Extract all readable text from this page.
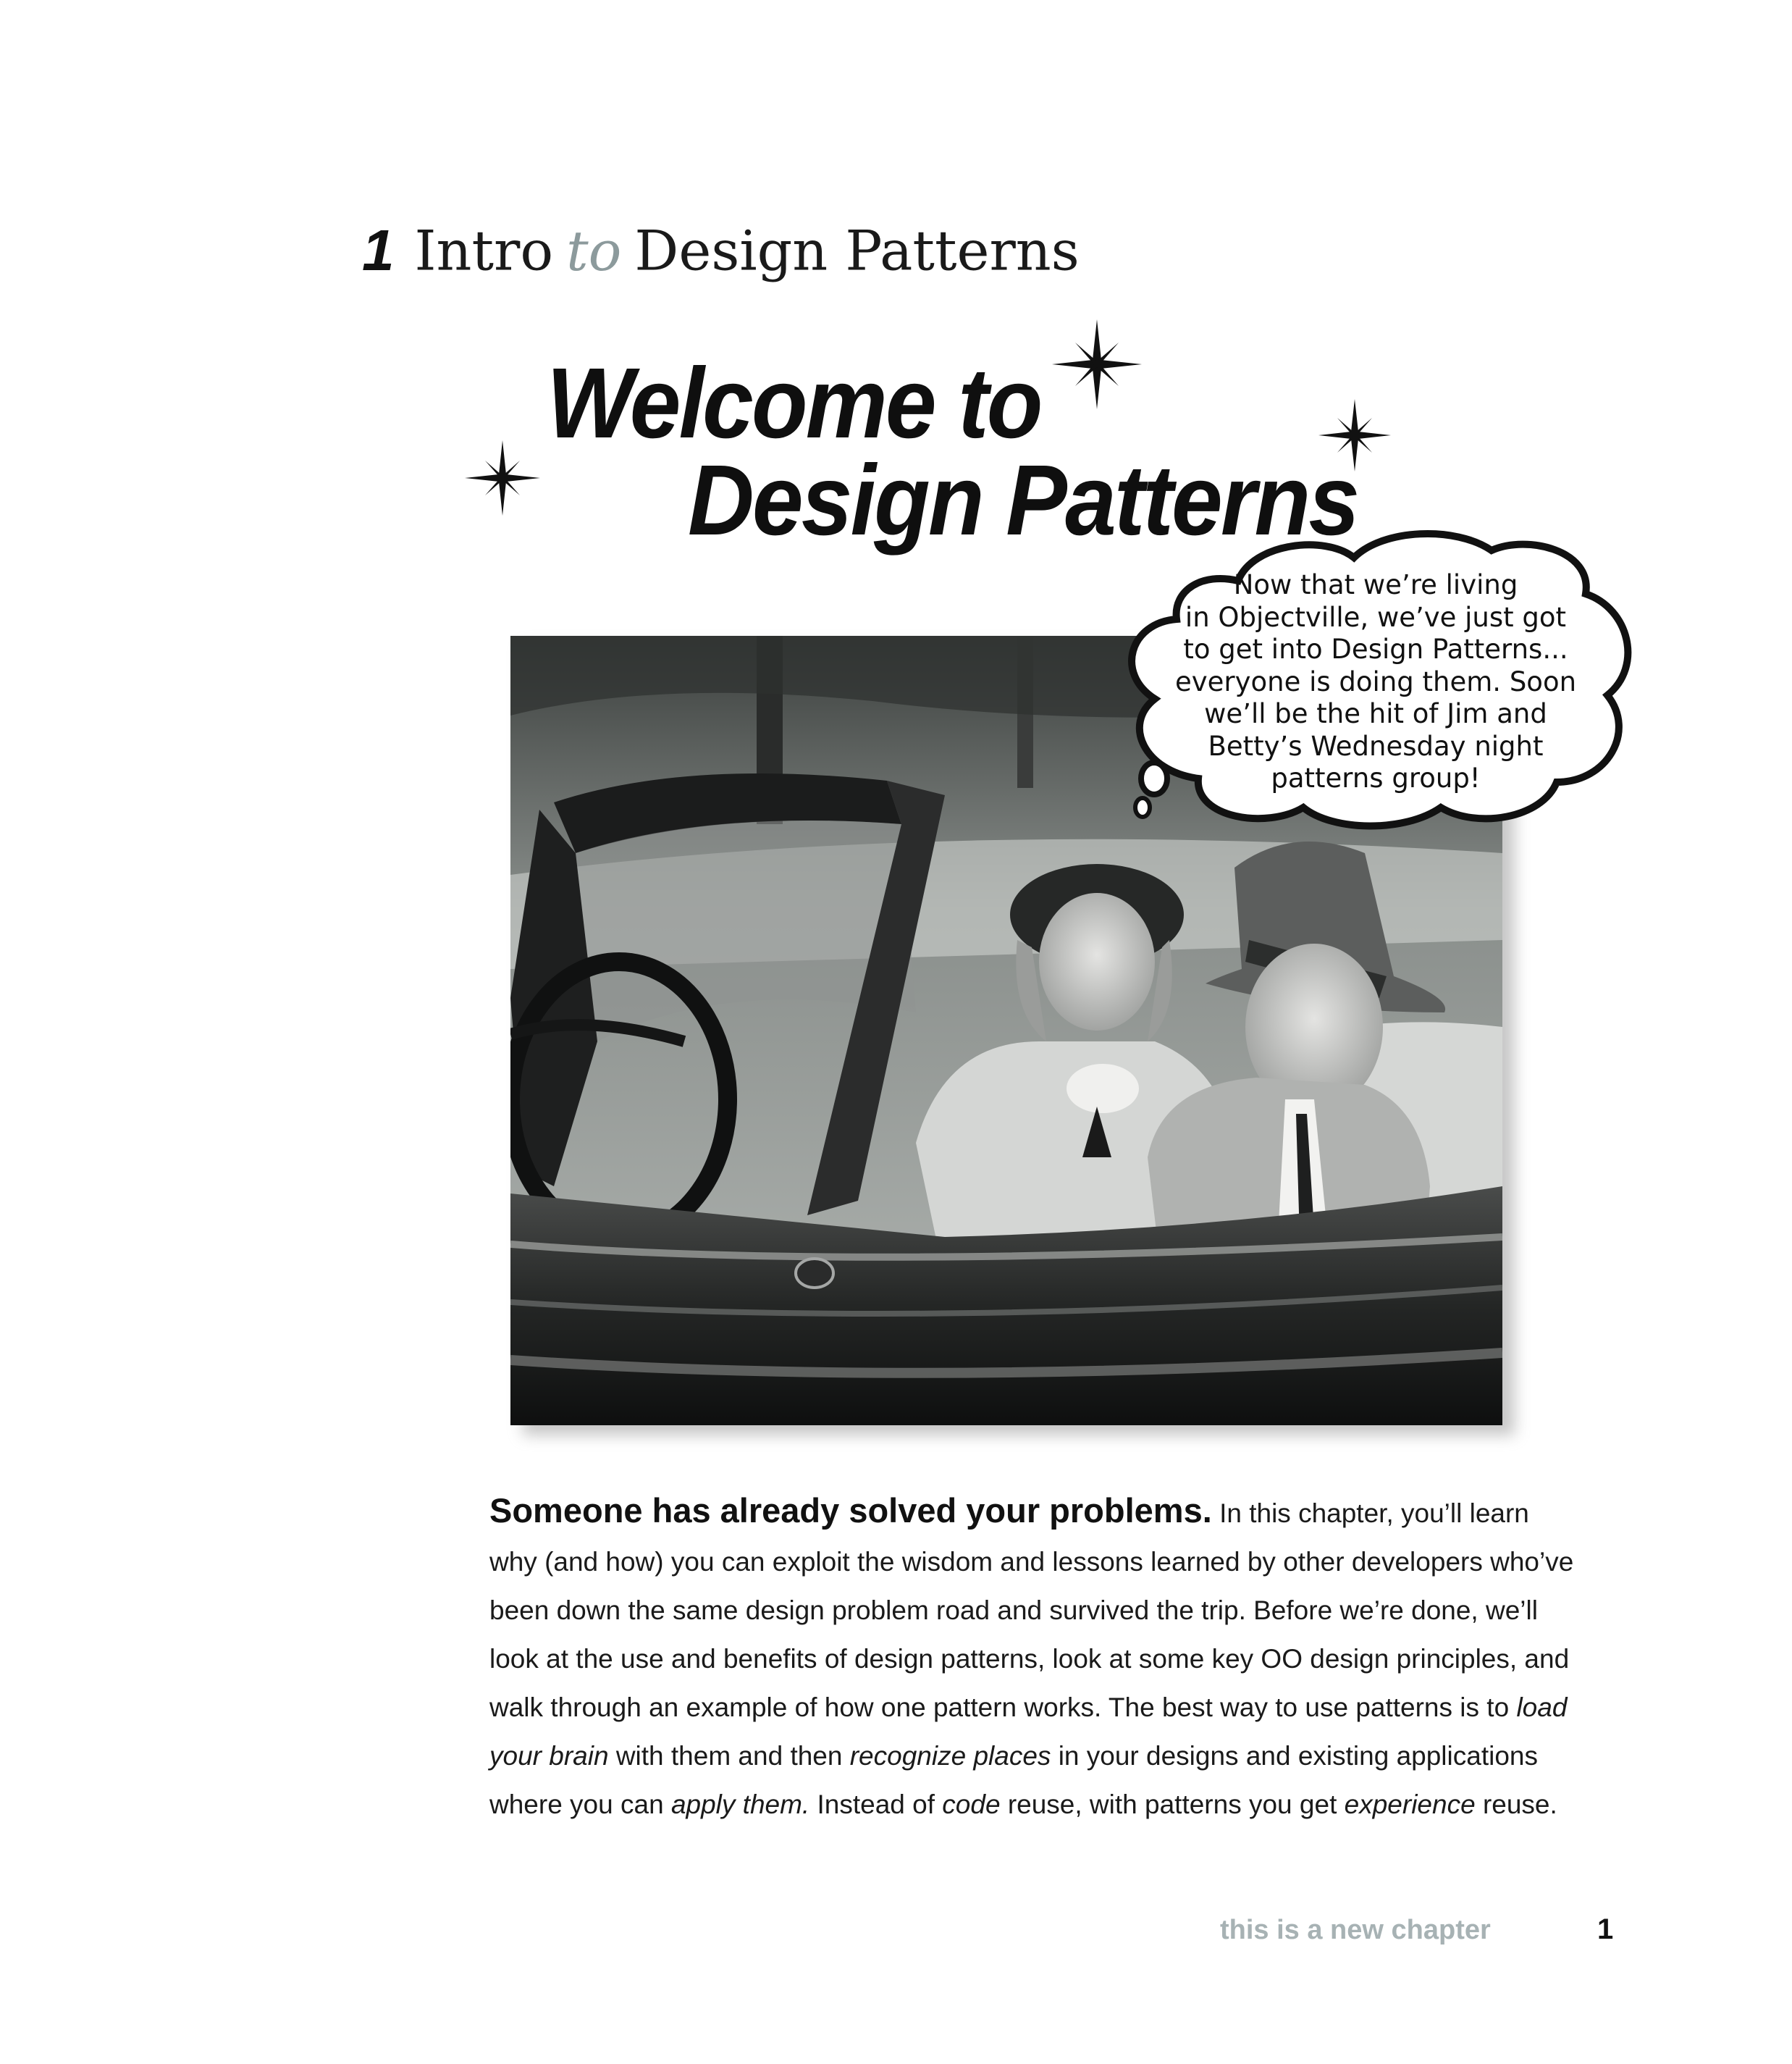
1 Intro to Design Patterns
Welcome to
Design Patterns
Now that we’re living
in Objectville, we’ve just got
to get into Design Patterns...
everyone is doing them. Soon
we’ll be the hit of Jim and
Betty’s Wednesday night
patterns group!
Someone has already solved your problems. In this chapter, you’ll learn
why (and how) you can exploit the wisdom and lessons learned by other developers who’ve
been down the same design problem road and survived the trip. Before we’re done, we’ll
look at the use and benefits of design patterns, look at some key OO design principles, and
walk through an example of how one pattern works. The best way to use patterns is to load
your brain with them and then recognize places in your designs and existing applications
where you can apply them. Instead of code reuse, with patterns you get experience reuse.
this is a new chapter	1
